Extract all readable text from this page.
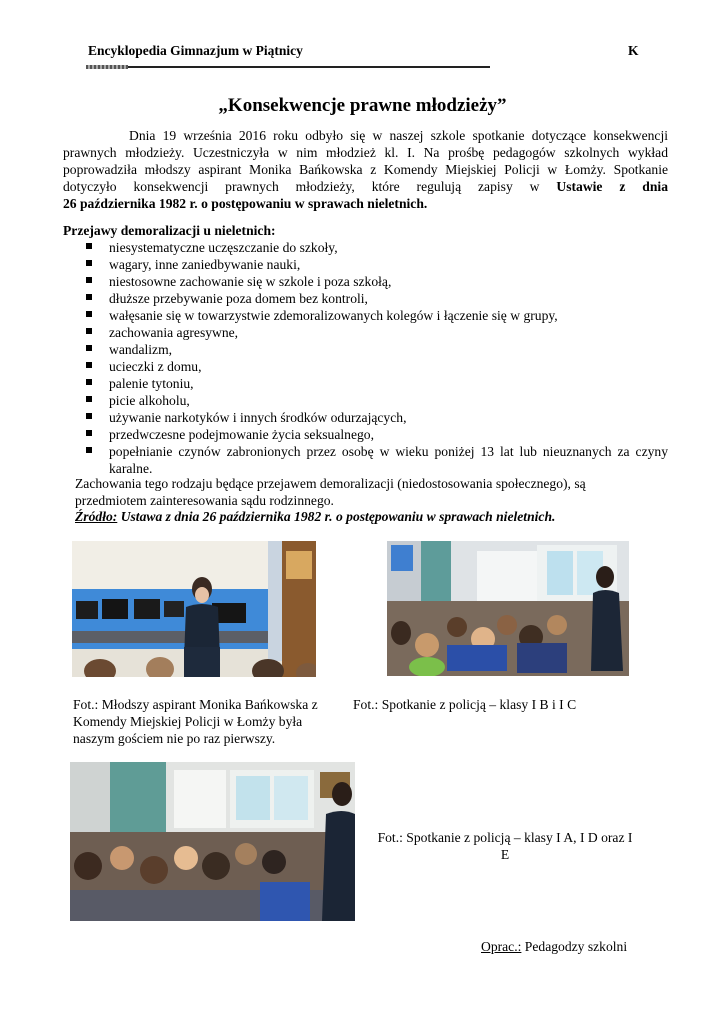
Encyklopedia Gimnazjum w Piątnicy	K
„Konsekwencje prawne młodzieży”
Dnia 19 września 2016 roku odbyło się w naszej szkole spotkanie dotyczące konsekwencji
prawnych młodzieży. Uczestniczyła w nim młodzież kl. I. Na prośbę pedagogów szkolnych wykład
poprowadziła młodszy aspirant Monika Bańkowska z Komendy Miejskiej Policji w Łomży. Spotkanie
dotyczyło konsekwencji prawnych młodzieży, które regulują zapisy w Ustawie z dnia
26 października 1982 r. o postępowaniu w sprawach nieletnich.
Przejawy demoralizacji u nieletnich:
niesystematyczne uczęszczanie do szkoły,
wagary, inne zaniedbywanie nauki,
niestosowne zachowanie się w szkole i poza szkołą,
dłuższe przebywanie poza domem bez kontroli,
wałęsanie się w towarzystwie zdemoralizowanych kolegów i łączenie się w grupy,
zachowania agresywne,
wandalizm,
ucieczki z domu,
palenie tytoniu,
picie alkoholu,
używanie narkotyków i innych środków odurzających,
przedwczesne podejmowanie życia seksualnego,
popełnianie czynów zabronionych przez osobę w wieku poniżej 13 lat lub nieuznanych za czyny karalne.
Zachowania tego rodzaju będące przejawem demoralizacji (niedostosowania społecznego), są przedmiotem zainteresowania sądu rodzinnego.
Źródło: Ustawa z dnia 26 października 1982 r. o postępowaniu w sprawach nieletnich.
Fot.: Młodszy aspirant Monika Bańkowska z Komendy Miejskiej Policji w Łomży była naszym gościem nie po raz pierwszy.
Fot.: Spotkanie z policją – klasy I B i I C
Fot.: Spotkanie z policją – klasy I A, I D oraz I E
Oprac.: Pedagodzy szkolni
